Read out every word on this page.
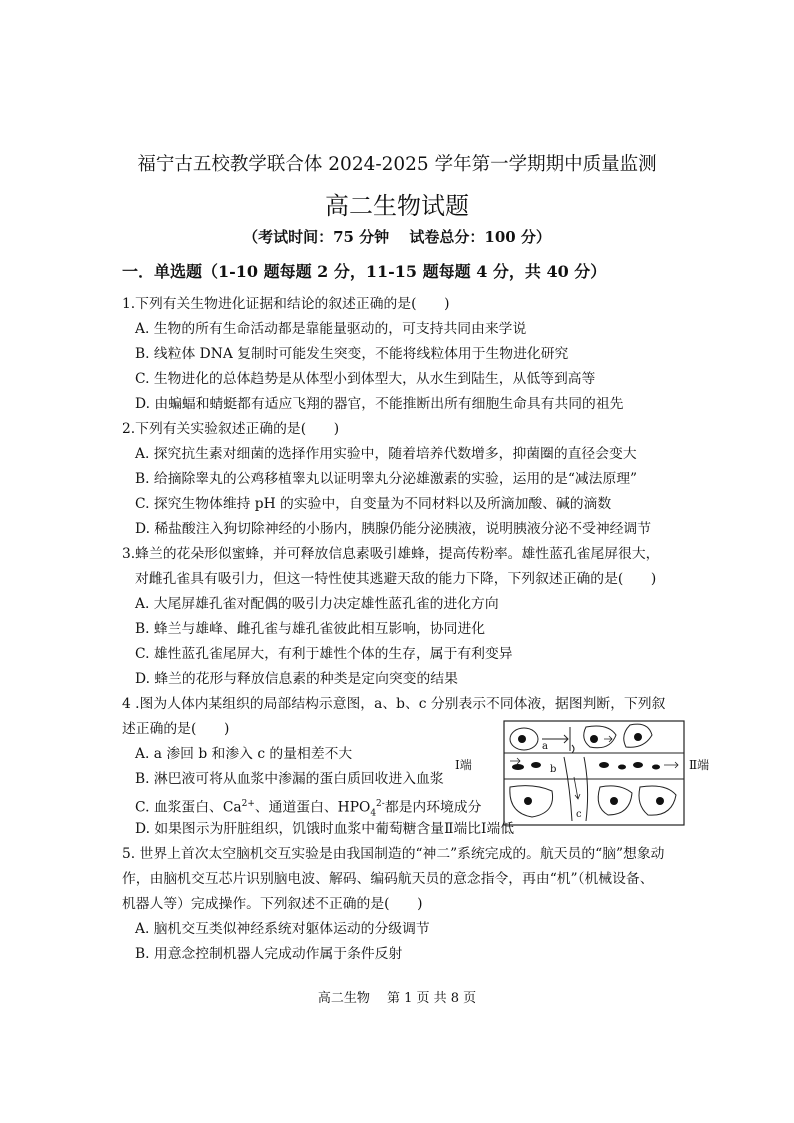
福宁古五校教学联合体 2024-2025 学年第一学期期中质量监测
高二生物试题
（考试时间：75 分钟　 试卷总分：100 分）
一．单选题（1-10 题每题 2 分，11-15 题每题 4 分，共 40 分）
1.下列有关生物进化证据和结论的叙述正确的是(　　)
A. 生物的所有生命活动都是靠能量驱动的，可支持共同由来学说
B. 线粒体 DNA 复制时可能发生突变，不能将线粒体用于生物进化研究
C. 生物进化的总体趋势是从体型小到体型大，从水生到陆生，从低等到高等
D. 由蝙蝠和蜻蜓都有适应飞翔的器官，不能推断出所有细胞生命具有共同的祖先
2.下列有关实验叙述正确的是(　　)
A. 探究抗生素对细菌的选择作用实验中，随着培养代数增多，抑菌圈的直径会变大
B. 给摘除睾丸的公鸡移植睾丸以证明睾丸分泌雄激素的实验，运用的是“减法原理”
C. 探究生物体维持 pH 的实验中，自变量为不同材料以及所滴加酸、碱的滴数
D. 稀盐酸注入狗切除神经的小肠内，胰腺仍能分泌胰液，说明胰液分泌不受神经调节
3.蜂兰的花朵形似蜜蜂，并可释放信息素吸引雄蜂，提高传粉率。雄性蓝孔雀尾屏很大，
对雌孔雀具有吸引力，但这一特性使其逃避天敌的能力下降，下列叙述正确的是(　　)
A. 大尾屏雄孔雀对配偶的吸引力决定雄性蓝孔雀的进化方向
B. 蜂兰与雄峰、雌孔雀与雄孔雀彼此相互影响，协同进化
C. 雄性蓝孔雀尾屏大，有利于雄性个体的生存，属于有利变异
D. 蜂兰的花形与释放信息素的种类是定向突变的结果
4 .图为人体内某组织的局部结构示意图，a、b、c 分别表示不同体液，据图判断，下列叙
述正确的是(　　)
A. a 渗回 b 和渗入 c 的量相差不大
B. 淋巴液可将从血浆中渗漏的蛋白质回收进入血浆
C. 血浆蛋白、$Ca^{2+}$、通道蛋白、$HPO_4^{2-}$都是内环境成分
D. 如果图示为肝脏组织，饥饿时血浆中葡萄糖含量Ⅱ端比Ⅰ端低
a
b
c
Ⅰ端	Ⅱ端
5. 世界上首次太空脑机交互实验是由我国制造的“神二”系统完成的。航天员的“脑”想象动
作，由脑机交互芯片识别脑电波、解码、编码航天员的意念指令，再由“机”（机械设备、
机器人等）完成操作。下列叙述不正确的是(　　)
A. 脑机交互类似神经系统对躯体运动的分级调节
B. 用意念控制机器人完成动作属于条件反射
高二生物　 第 1 页 共 8 页
